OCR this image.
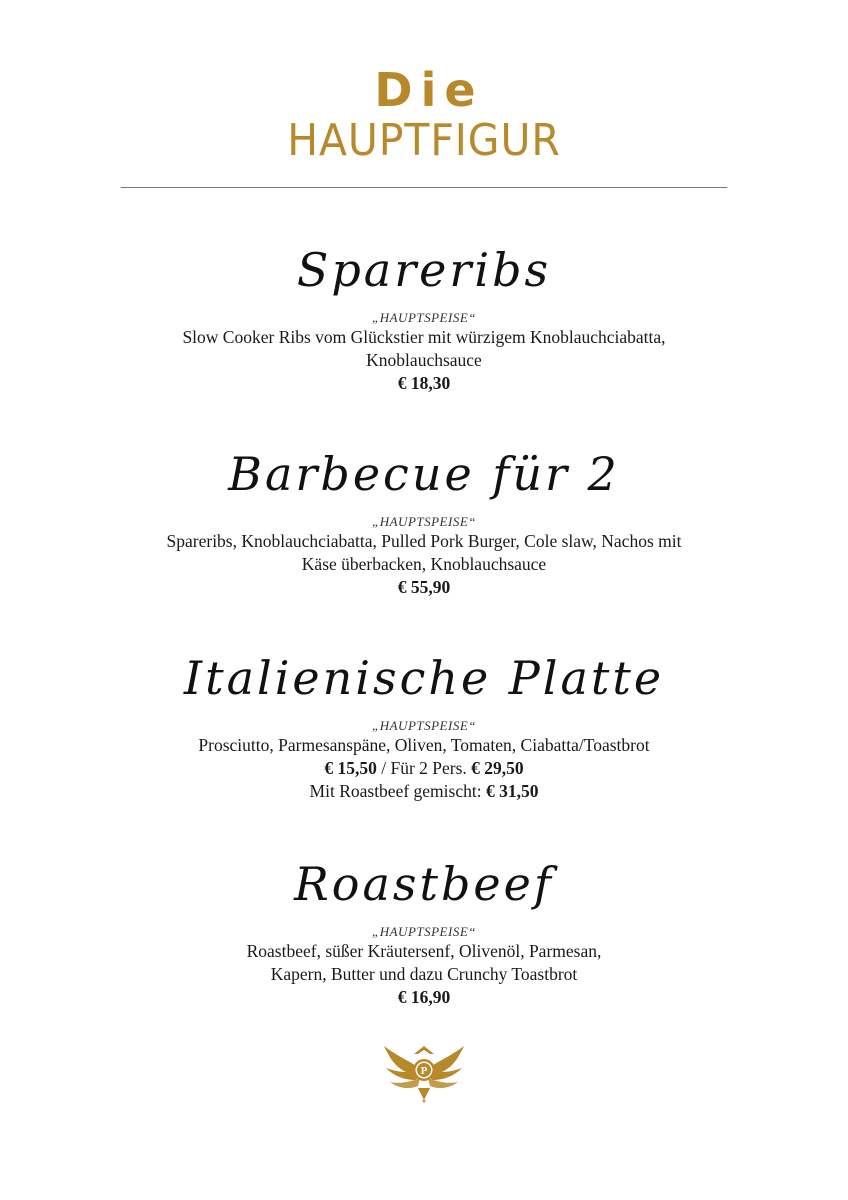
Die
HAUPTFIGUR
Spareribs
„HAUPTSPEISE“
Slow Cooker Ribs vom Glückstier mit würzigem Knoblauchciabatta,
Knoblauchsauce
€ 18,30
Barbecue für 2
„HAUPTSPEISE“
Spareribs, Knoblauchciabatta, Pulled Pork Burger, Cole slaw, Nachos mit
Käse überbacken, Knoblauchsauce
€ 55,90
Italienische Platte
„HAUPTSPEISE“
Prosciutto, Parmesanspäne, Oliven, Tomaten, Ciabatta/Toastbrot
€ 15,50 / Für 2 Pers. € 29,50
Mit Roastbeef gemischt: € 31,50
Roastbeef
„HAUPTSPEISE“
Roastbeef, süßer Kräutersenf, Olivenöl, Parmesan,
Kapern, Butter und dazu Crunchy Toastbrot
€ 16,90
P
★
